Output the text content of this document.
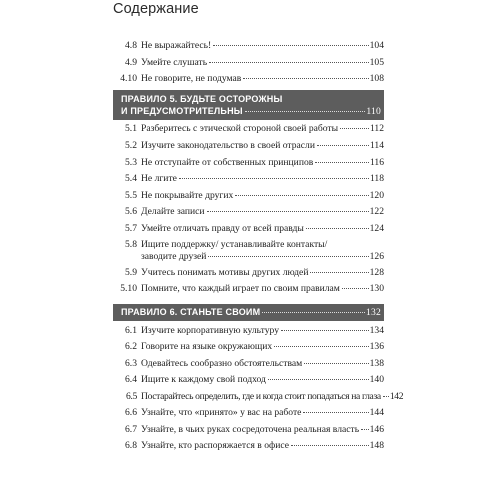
Содержание
4.8 Не выражайтесь!	104
4.9 Умейте слушать	105
4.10 Не говорите, не подумав	108
ПРАВИЛО 5. БУДЬТЕ ОСТОРОЖНЫ
И ПРЕДУСМОТРИТЕЛЬНЫ	110
5.1 Разберитесь с этической стороной своей работы	112
5.2 Изучите законодательство в своей отрасли	114
5.3 Не отступайте от собственных принципов	116
5.4 Не лгите	118
5.5 Не покрывайте других	120
5.6 Делайте записи	122
5.7 Умейте отличать правду от всей правды	124
5.8 Ищите поддержку/ устанавливайте контакты/
заводите друзей	126
5.9 Учитесь понимать мотивы других людей	128
5.10 Помните, что каждый играет по своим правилам	130
ПРАВИЛО 6. СТАНЬТЕ СВОИМ	132
6.1 Изучите корпоративную культуру	134
6.2 Говорите на языке окружающих	136
6.3 Одевайтесь сообразно обстоятельствам	138
6.4 Ищите к каждому свой подход	140
6.5 Постарайтесь определить, где и когда стоит попадаться на глаза 142
6.6 Узнайте, что «принято» у вас на работе	144
6.7 Узнайте, в чьих руках сосредоточена реальная власть 146
6.8 Узнайте, кто распоряжается в офисе	148
